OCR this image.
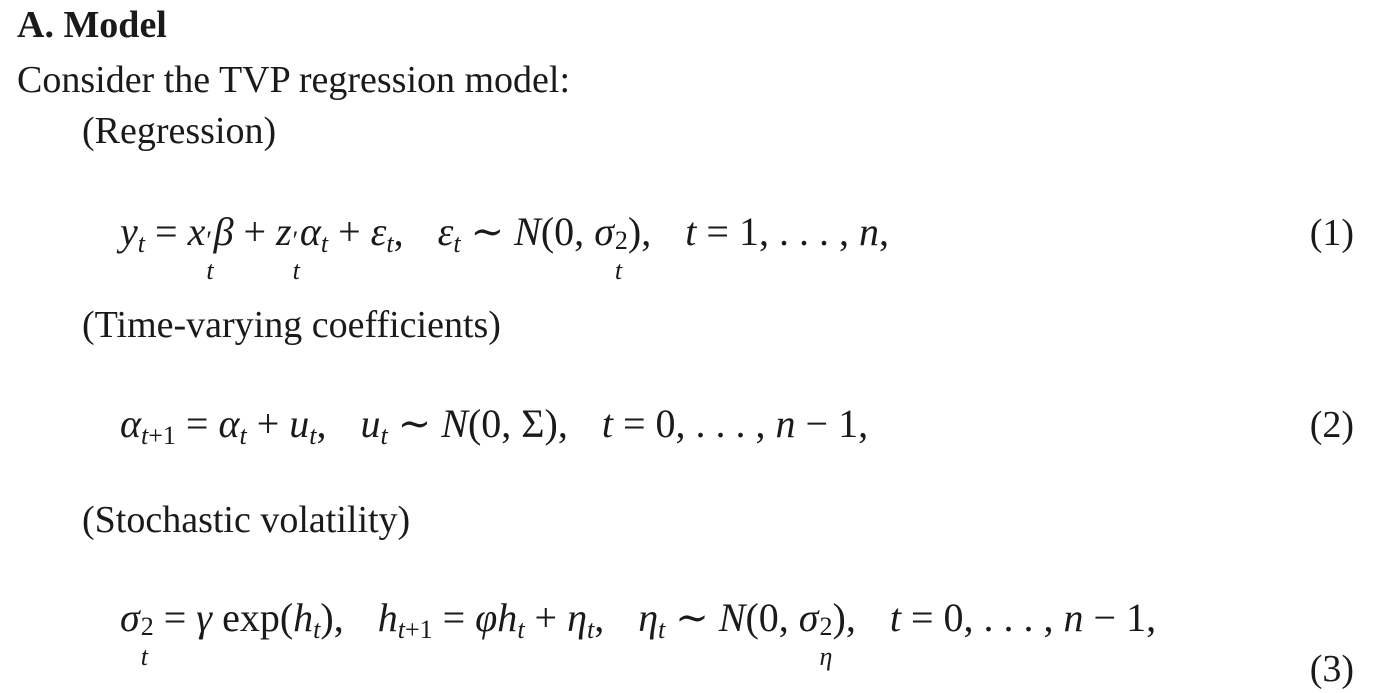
A. Model
Consider the TVP regression model:
(Regression)
$y_t = x$ ′
t
β + z ′
t
$\alpha_t + \varepsilon_t$, $\varepsilon_t$ ∼ N(0, σ 2
t
), t = 1, . . . , n,	(1)
(Time-varying coefficients)
$\alpha_{t+1} = \alpha_t + u_t$, $u_t$ ∼ N(0, Σ), t = 0, . . . , n − 1,	(2)
(Stochastic volatility)
σ 2
t
= γ $\exp(h_t)$, $h_{t+1} = \varphi h_t + \eta_t$, $\eta_t$ ∼ N(0, σ 2
η
), t = 0, . . . , n − 1,
(3)
